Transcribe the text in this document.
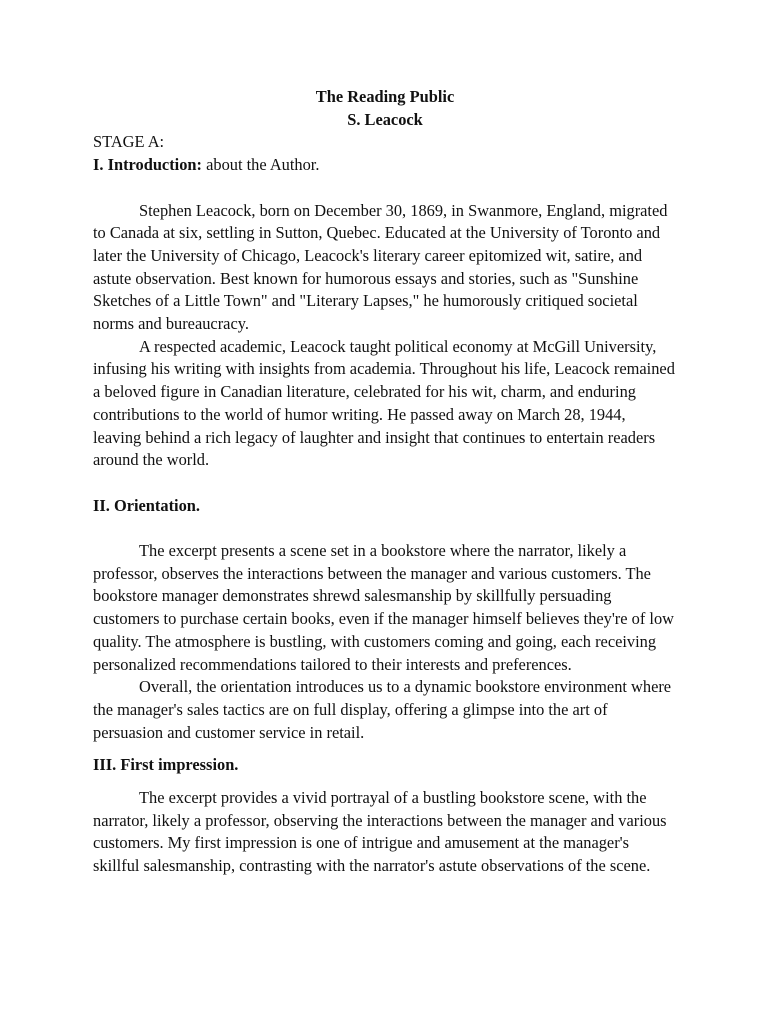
The Reading Public
S. Leacock
STAGE A:
I. Introduction: about the Author.

Stephen Leacock, born on December 30, 1869, in Swanmore, England, migrated to Canada at six, settling in Sutton, Quebec. Educated at the University of Toronto and later the University of Chicago, Leacock's literary career epitomized wit, satire, and astute observation. Best known for humorous essays and stories, such as "Sunshine Sketches of a Little Town" and "Literary Lapses," he humorously critiqued societal norms and bureaucracy.

A respected academic, Leacock taught political economy at McGill University, infusing his writing with insights from academia. Throughout his life, Leacock remained a beloved figure in Canadian literature, celebrated for his wit, charm, and enduring contributions to the world of humor writing. He passed away on March 28, 1944, leaving behind a rich legacy of laughter and insight that continues to entertain readers around the world.

II. Orientation.

The excerpt presents a scene set in a bookstore where the narrator, likely a professor, observes the interactions between the manager and various customers. The bookstore manager demonstrates shrewd salesmanship by skillfully persuading customers to purchase certain books, even if the manager himself believes they're of low quality. The atmosphere is bustling, with customers coming and going, each receiving personalized recommendations tailored to their interests and preferences.

Overall, the orientation introduces us to a dynamic bookstore environment where the manager's sales tactics are on full display, offering a glimpse into the art of persuasion and customer service in retail.

III. First impression.

The excerpt provides a vivid portrayal of a bustling bookstore scene, with the narrator, likely a professor, observing the interactions between the manager and various customers. My first impression is one of intrigue and amusement at the manager's skillful salesmanship, contrasting with the narrator's astute observations of the scene.
